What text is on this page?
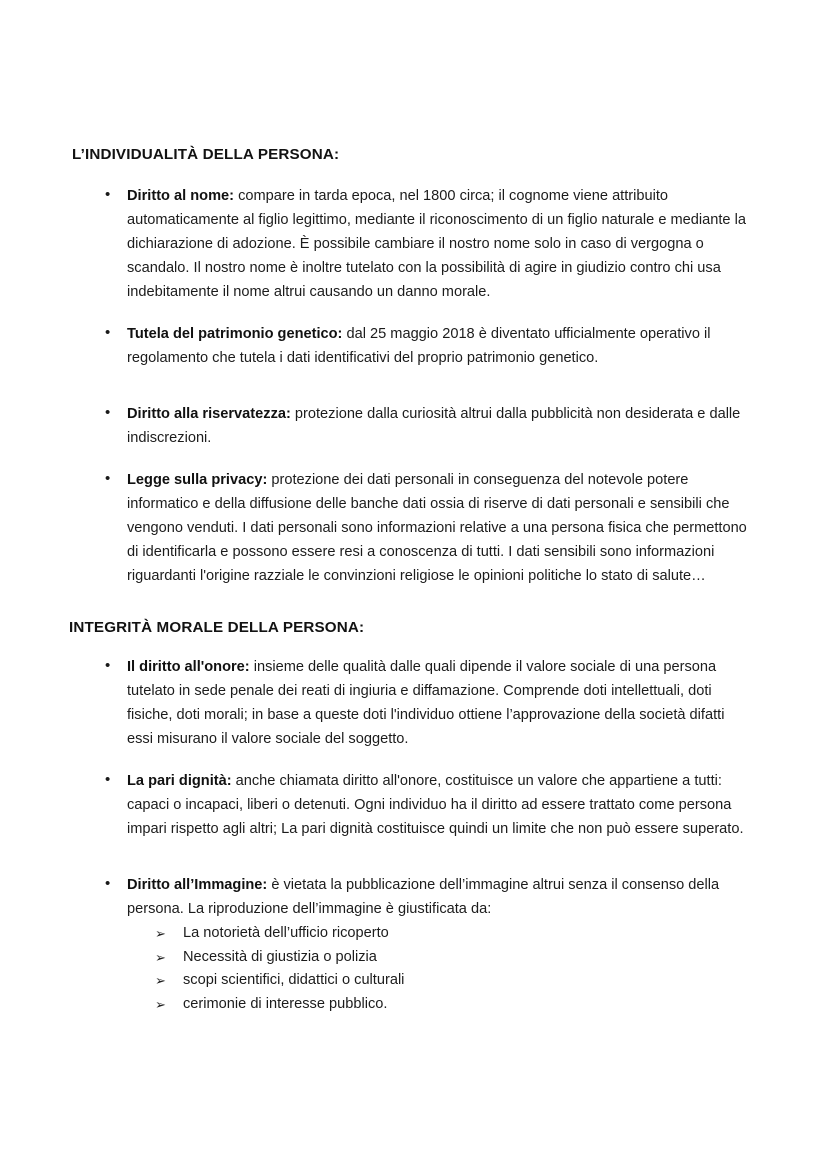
L’INDIVIDUALITÀ DELLA PERSONA:
• Diritto al nome: compare in tarda epoca, nel 1800 circa; il cognome viene attribuito automaticamente al figlio legittimo, mediante il riconoscimento di un figlio naturale e mediante la dichiarazione di adozione. È possibile cambiare il nostro nome solo in caso di vergogna o scandalo. Il nostro nome è inoltre tutelato con la possibilità di agire in giudizio contro chi usa indebitamente il nome altrui causando un danno morale.
• Tutela del patrimonio genetico: dal 25 maggio 2018 è diventato ufficialmente operativo il regolamento che tutela i dati identificativi del proprio patrimonio genetico.
• Diritto alla riservatezza: protezione dalla curiosità altrui dalla pubblicità non desiderata e dalle indiscrezioni.
• Legge sulla privacy: protezione dei dati personali in conseguenza del notevole potere informatico e della diffusione delle banche dati ossia di riserve di dati personali e sensibili che vengono venduti. I dati personali sono informazioni relative a una persona fisica che permettono di identificarla e possono essere resi a conoscenza di tutti. I dati sensibili sono informazioni riguardanti l'origine razziale le convinzioni religiose le opinioni politiche lo stato di salute…
INTEGRITÀ MORALE DELLA PERSONA:
• Il diritto all'onore: insieme delle qualità dalle quali dipende il valore sociale di una persona tutelato in sede penale dei reati di ingiuria e diffamazione. Comprende doti intellettuali, doti fisiche, doti morali; in base a queste doti l'individuo ottiene l’approvazione della società difatti essi misurano il valore sociale del soggetto.
• La pari dignità: anche chiamata diritto all'onore, costituisce un valore che appartiene a tutti: capaci o incapaci, liberi o detenuti. Ogni individuo ha il diritto ad essere trattato come persona impari rispetto agli altri; La pari dignità costituisce quindi un limite che non può essere superato.
• Diritto all’Immagine: è vietata la pubblicazione dell’immagine altrui senza il consenso della persona. La riproduzione dell’immagine è giustificata da:
➢ La notorietà dell’ufficio ricoperto
➢ Necessità di giustizia o polizia
➢ scopi scientifici, didattici o culturali
➢ cerimonie di interesse pubblico.
